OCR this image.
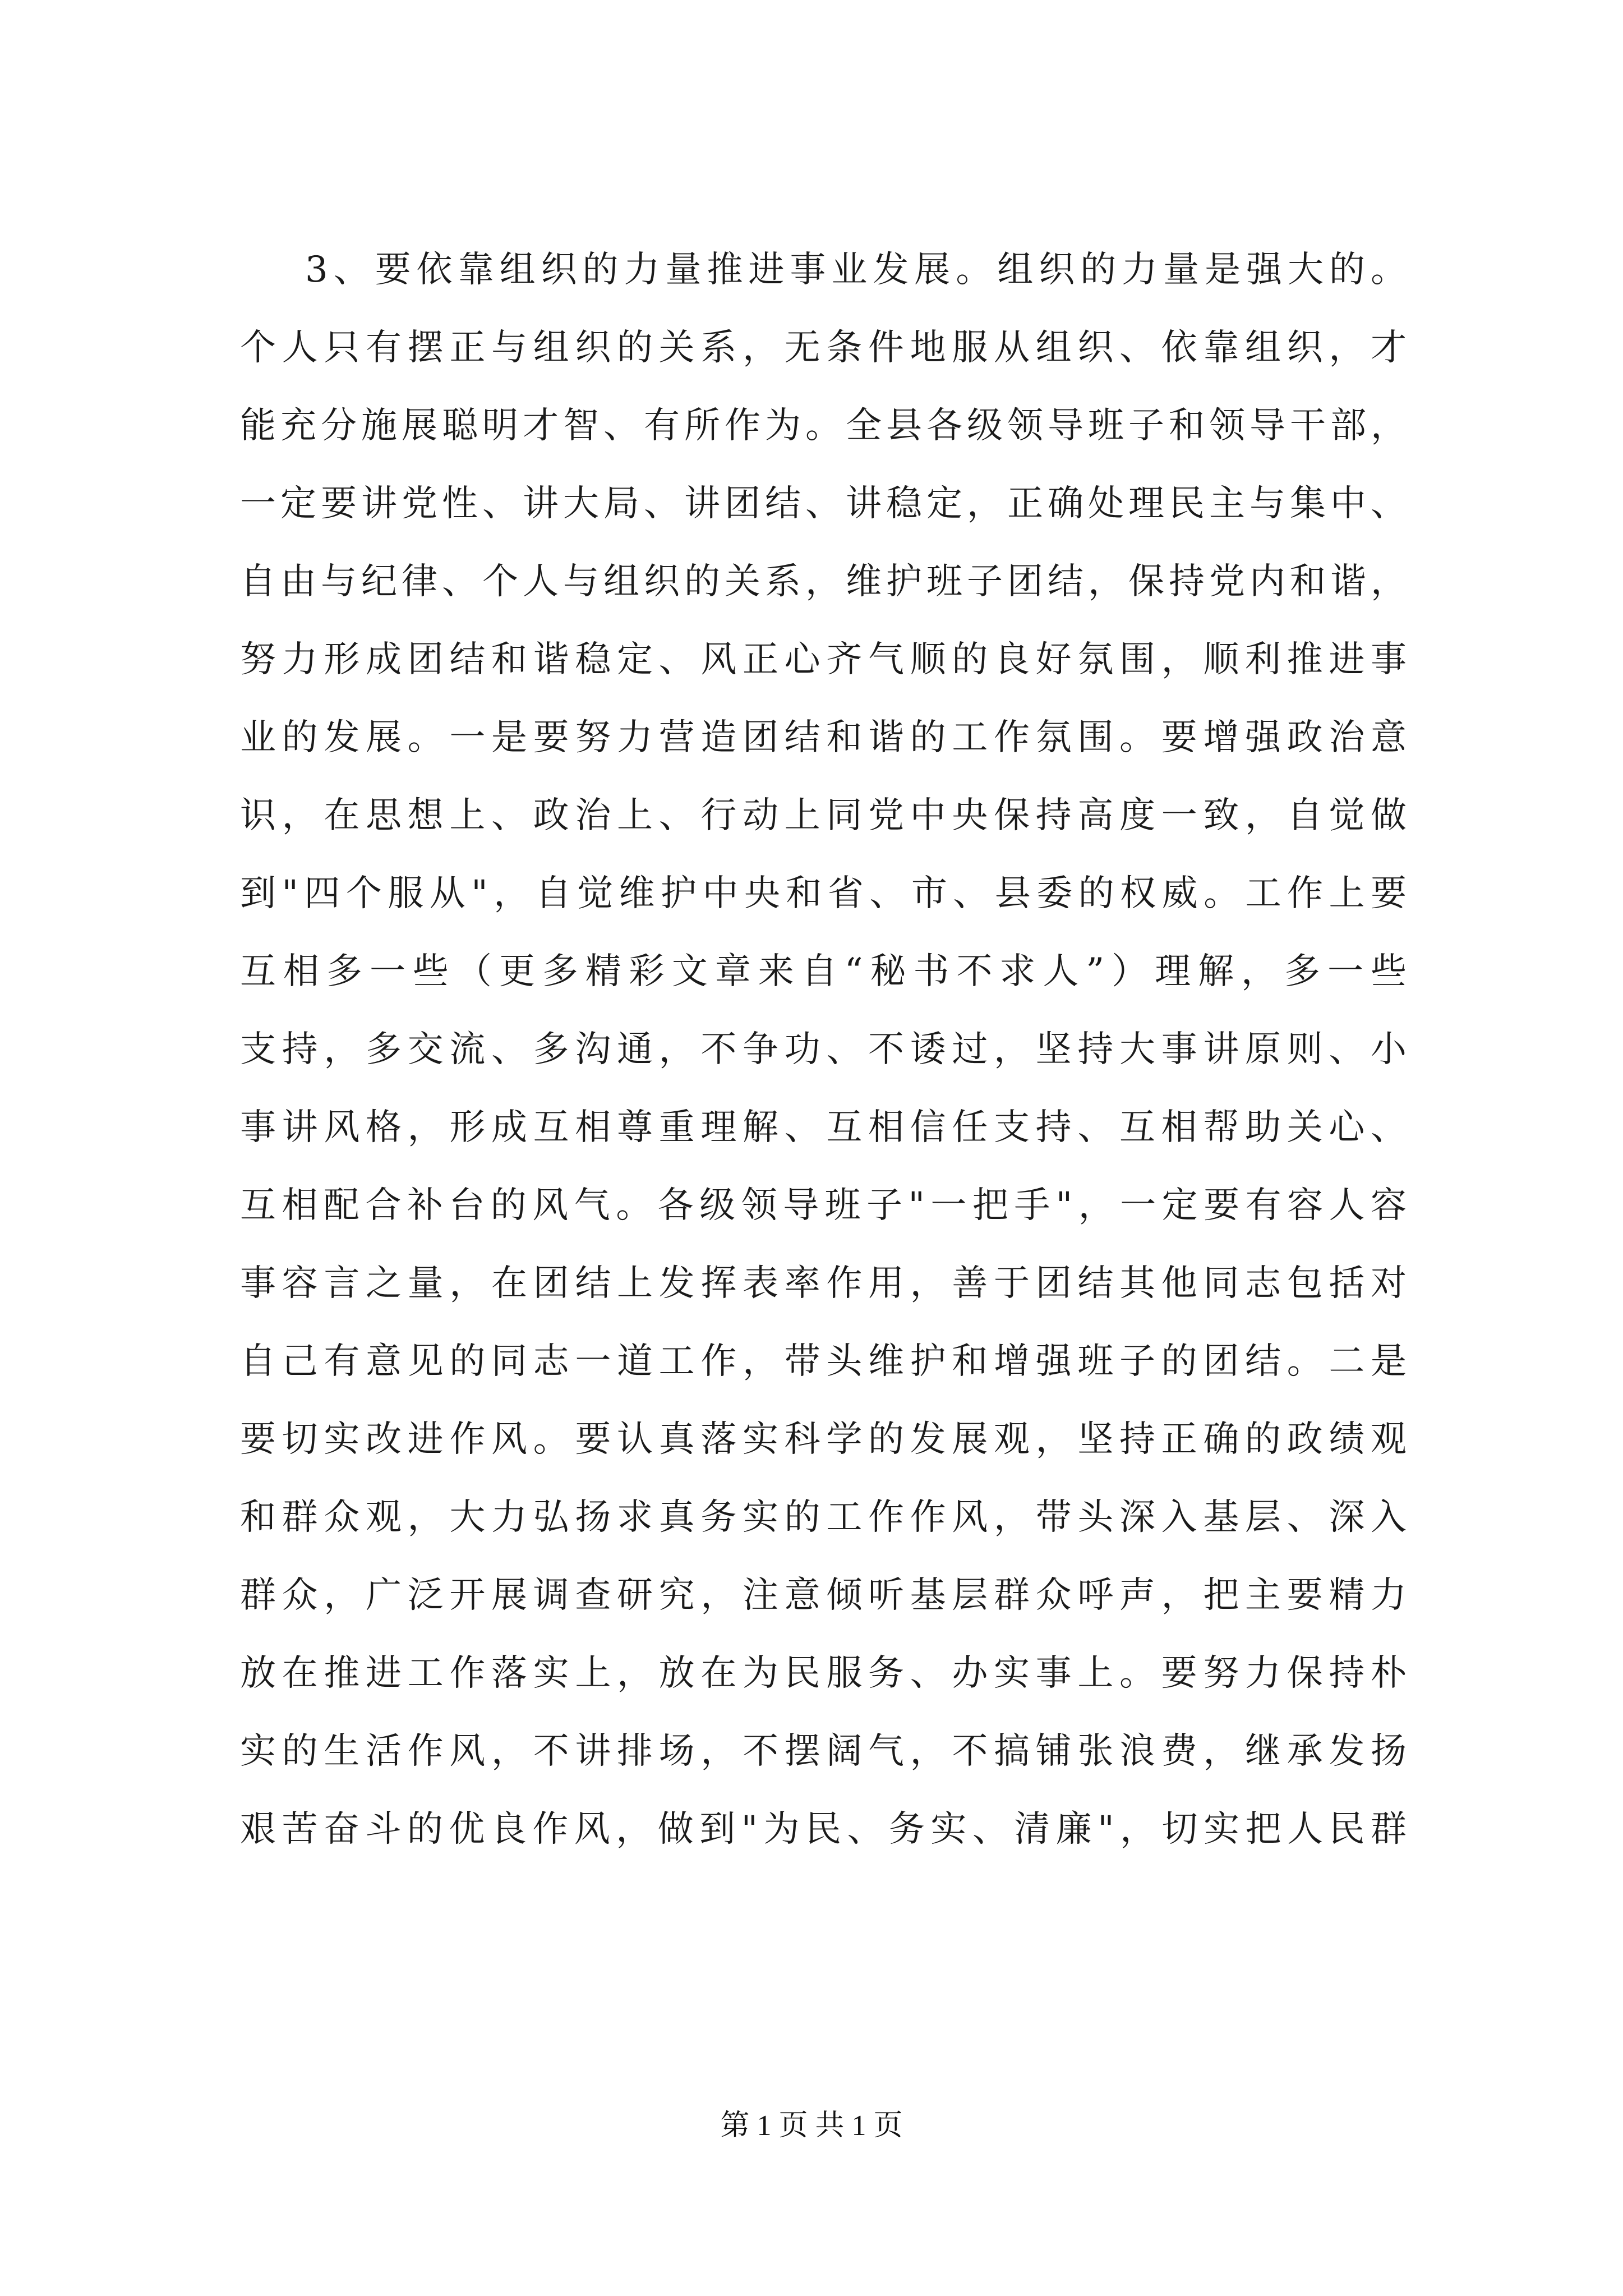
3、要依靠组织的力量推进事业发展。组织的力量是强大的。
个人只有摆正与组织的关系，无条件地服从组织、依靠组织，才
能充分施展聪明才智、有所作为。全县各级领导班子和领导干部，
一定要讲党性、讲大局、讲团结、讲稳定，正确处理民主与集中、
自由与纪律、个人与组织的关系，维护班子团结，保持党内和谐，
努力形成团结和谐稳定、风正心齐气顺的良好氛围，顺利推进事
业的发展。一是要努力营造团结和谐的工作氛围。要增强政治意
识，在思想上、政治上、行动上同党中央保持高度一致，自觉做
到"四个服从"，自觉维护中央和省、市、县委的权威。工作上要
互相多一些（更多精彩文章来自“秘书不求人”）理解，多一些
支持，多交流、多沟通，不争功、不诿过，坚持大事讲原则、小
事讲风格，形成互相尊重理解、互相信任支持、互相帮助关心、
互相配合补台的风气。各级领导班子"一把手"，一定要有容人容
事容言之量，在团结上发挥表率作用，善于团结其他同志包括对
自己有意见的同志一道工作，带头维护和增强班子的团结。二是
要切实改进作风。要认真落实科学的发展观，坚持正确的政绩观
和群众观，大力弘扬求真务实的工作作风，带头深入基层、深入
群众，广泛开展调查研究，注意倾听基层群众呼声，把主要精力
放在推进工作落实上，放在为民服务、办实事上。要努力保持朴
实的生活作风，不讲排场，不摆阔气，不搞铺张浪费，继承发扬
艰苦奋斗的优良作风，做到"为民、务实、清廉"，切实把人民群
第 1 页 共 1 页
